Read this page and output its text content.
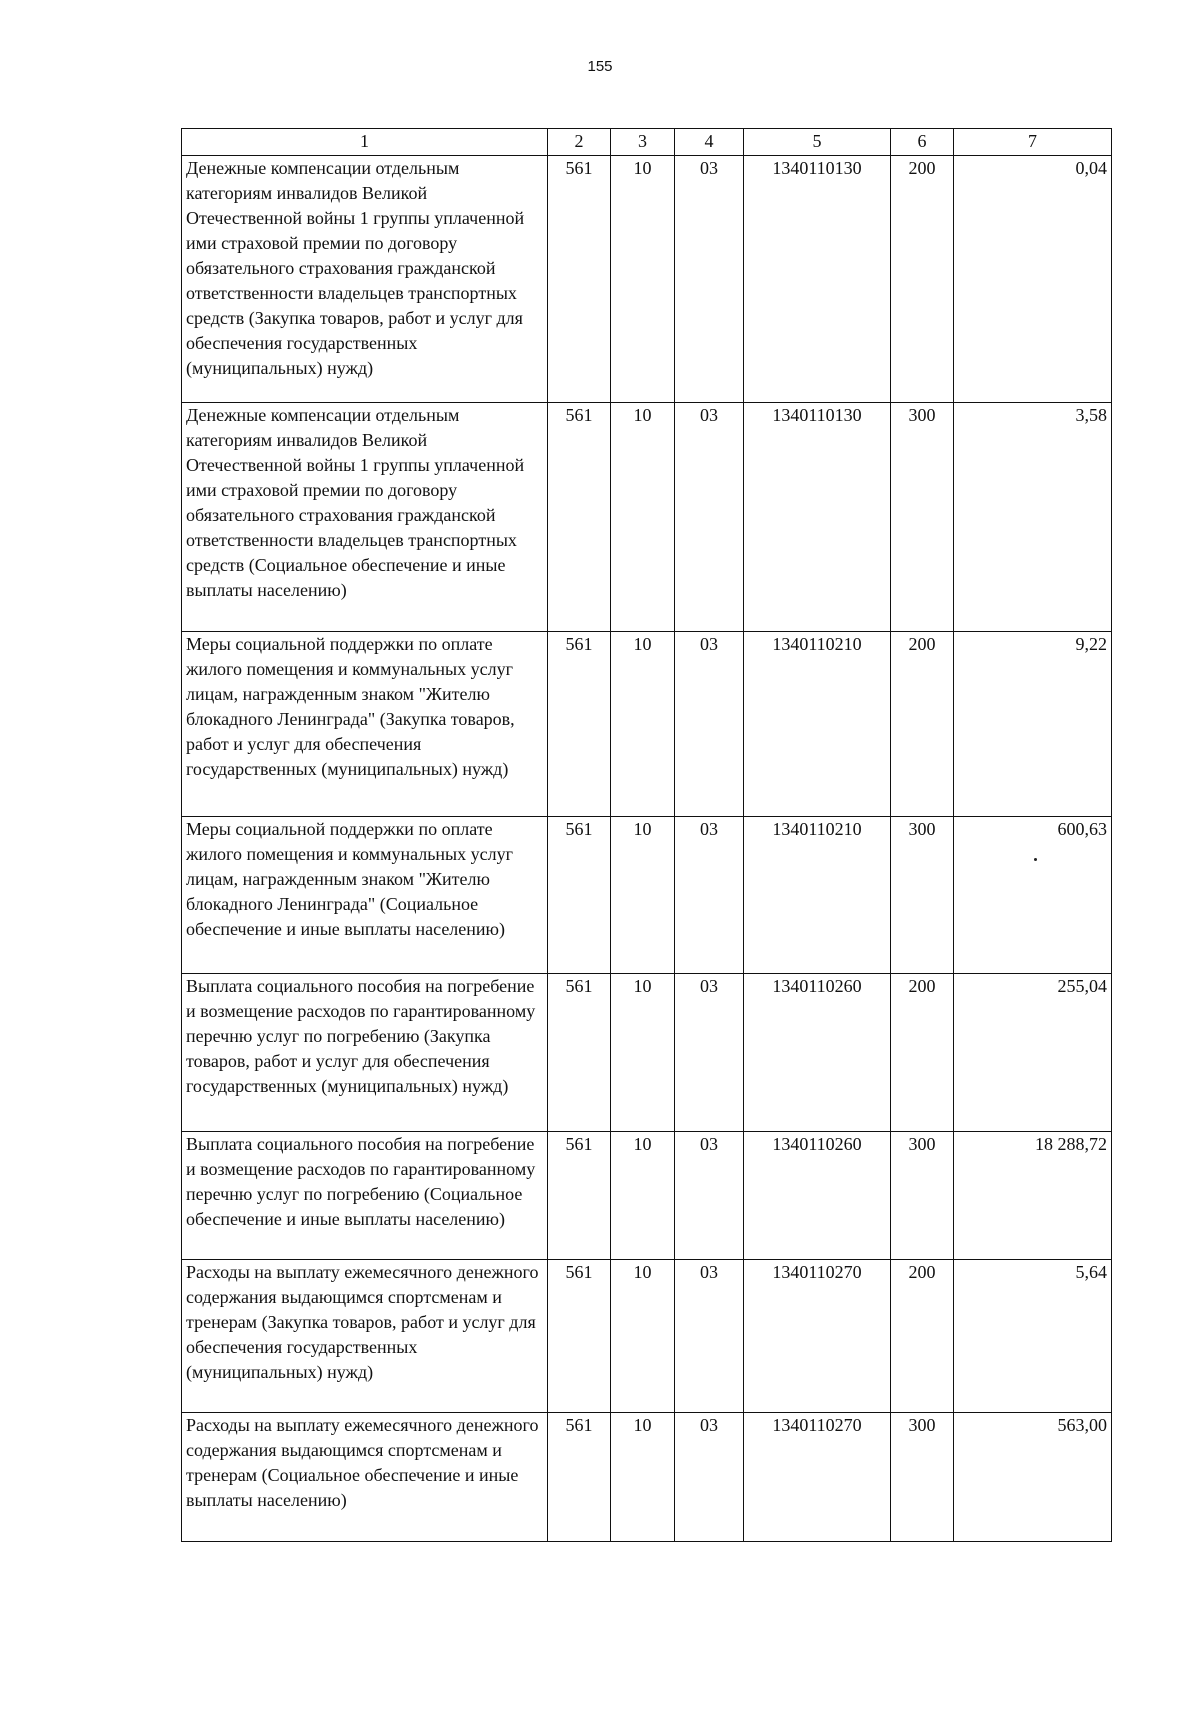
155
1	2	3	4	5	6	7
Денежные компенсации отдельным категориям инвалидов Великой Отечественной войны 1 группы уплаченной ими страховой премии по договору обязательного страхования гражданской ответственности владельцев транспортных средств (Закупка товаров, работ и услуг для обеспечения государственных (муниципальных) нужд)	561	10	03	1340110130	200	0,04
Денежные компенсации отдельным категориям инвалидов Великой Отечественной войны 1 группы уплаченной ими страховой премии по договору обязательного страхования гражданской ответственности владельцев транспортных средств (Социальное обеспечение и иные выплаты населению)	561	10	03	1340110130	300	3,58
Меры социальной поддержки по оплате жилого помещения и коммунальных услуг лицам, награжденным знаком "Жителю блокадного Ленинграда" (Закупка товаров, работ и услуг для обеспечения государственных (муниципальных) нужд)	561	10	03	1340110210	200	9,22
Меры социальной поддержки по оплате жилого помещения и коммунальных услуг лицам, награжденным знаком "Жителю блокадного Ленинграда" (Социальное обеспечение и иные выплаты населению)	561	10	03	1340110210	300	600,63
Выплата социального пособия на погребение и возмещение расходов по гарантированному перечню услуг по погребению (Закупка товаров, работ и услуг для обеспечения государственных (муниципальных) нужд)	561	10	03	1340110260	200	255,04
Выплата социального пособия на погребение и возмещение расходов по гарантированному перечню услуг по погребению (Социальное обеспечение и иные выплаты населению)	561	10	03	1340110260	300	18 288,72
Расходы на выплату ежемесячного денежного содержания выдающимся спортсменам и тренерам (Закупка товаров, работ и услуг для обеспечения государственных (муниципальных) нужд)	561	10	03	1340110270	200	5,64
Расходы на выплату ежемесячного денежного содержания выдающимся спортсменам и тренерам (Социальное обеспечение и иные выплаты населению)	561	10	03	1340110270	300	563,00
